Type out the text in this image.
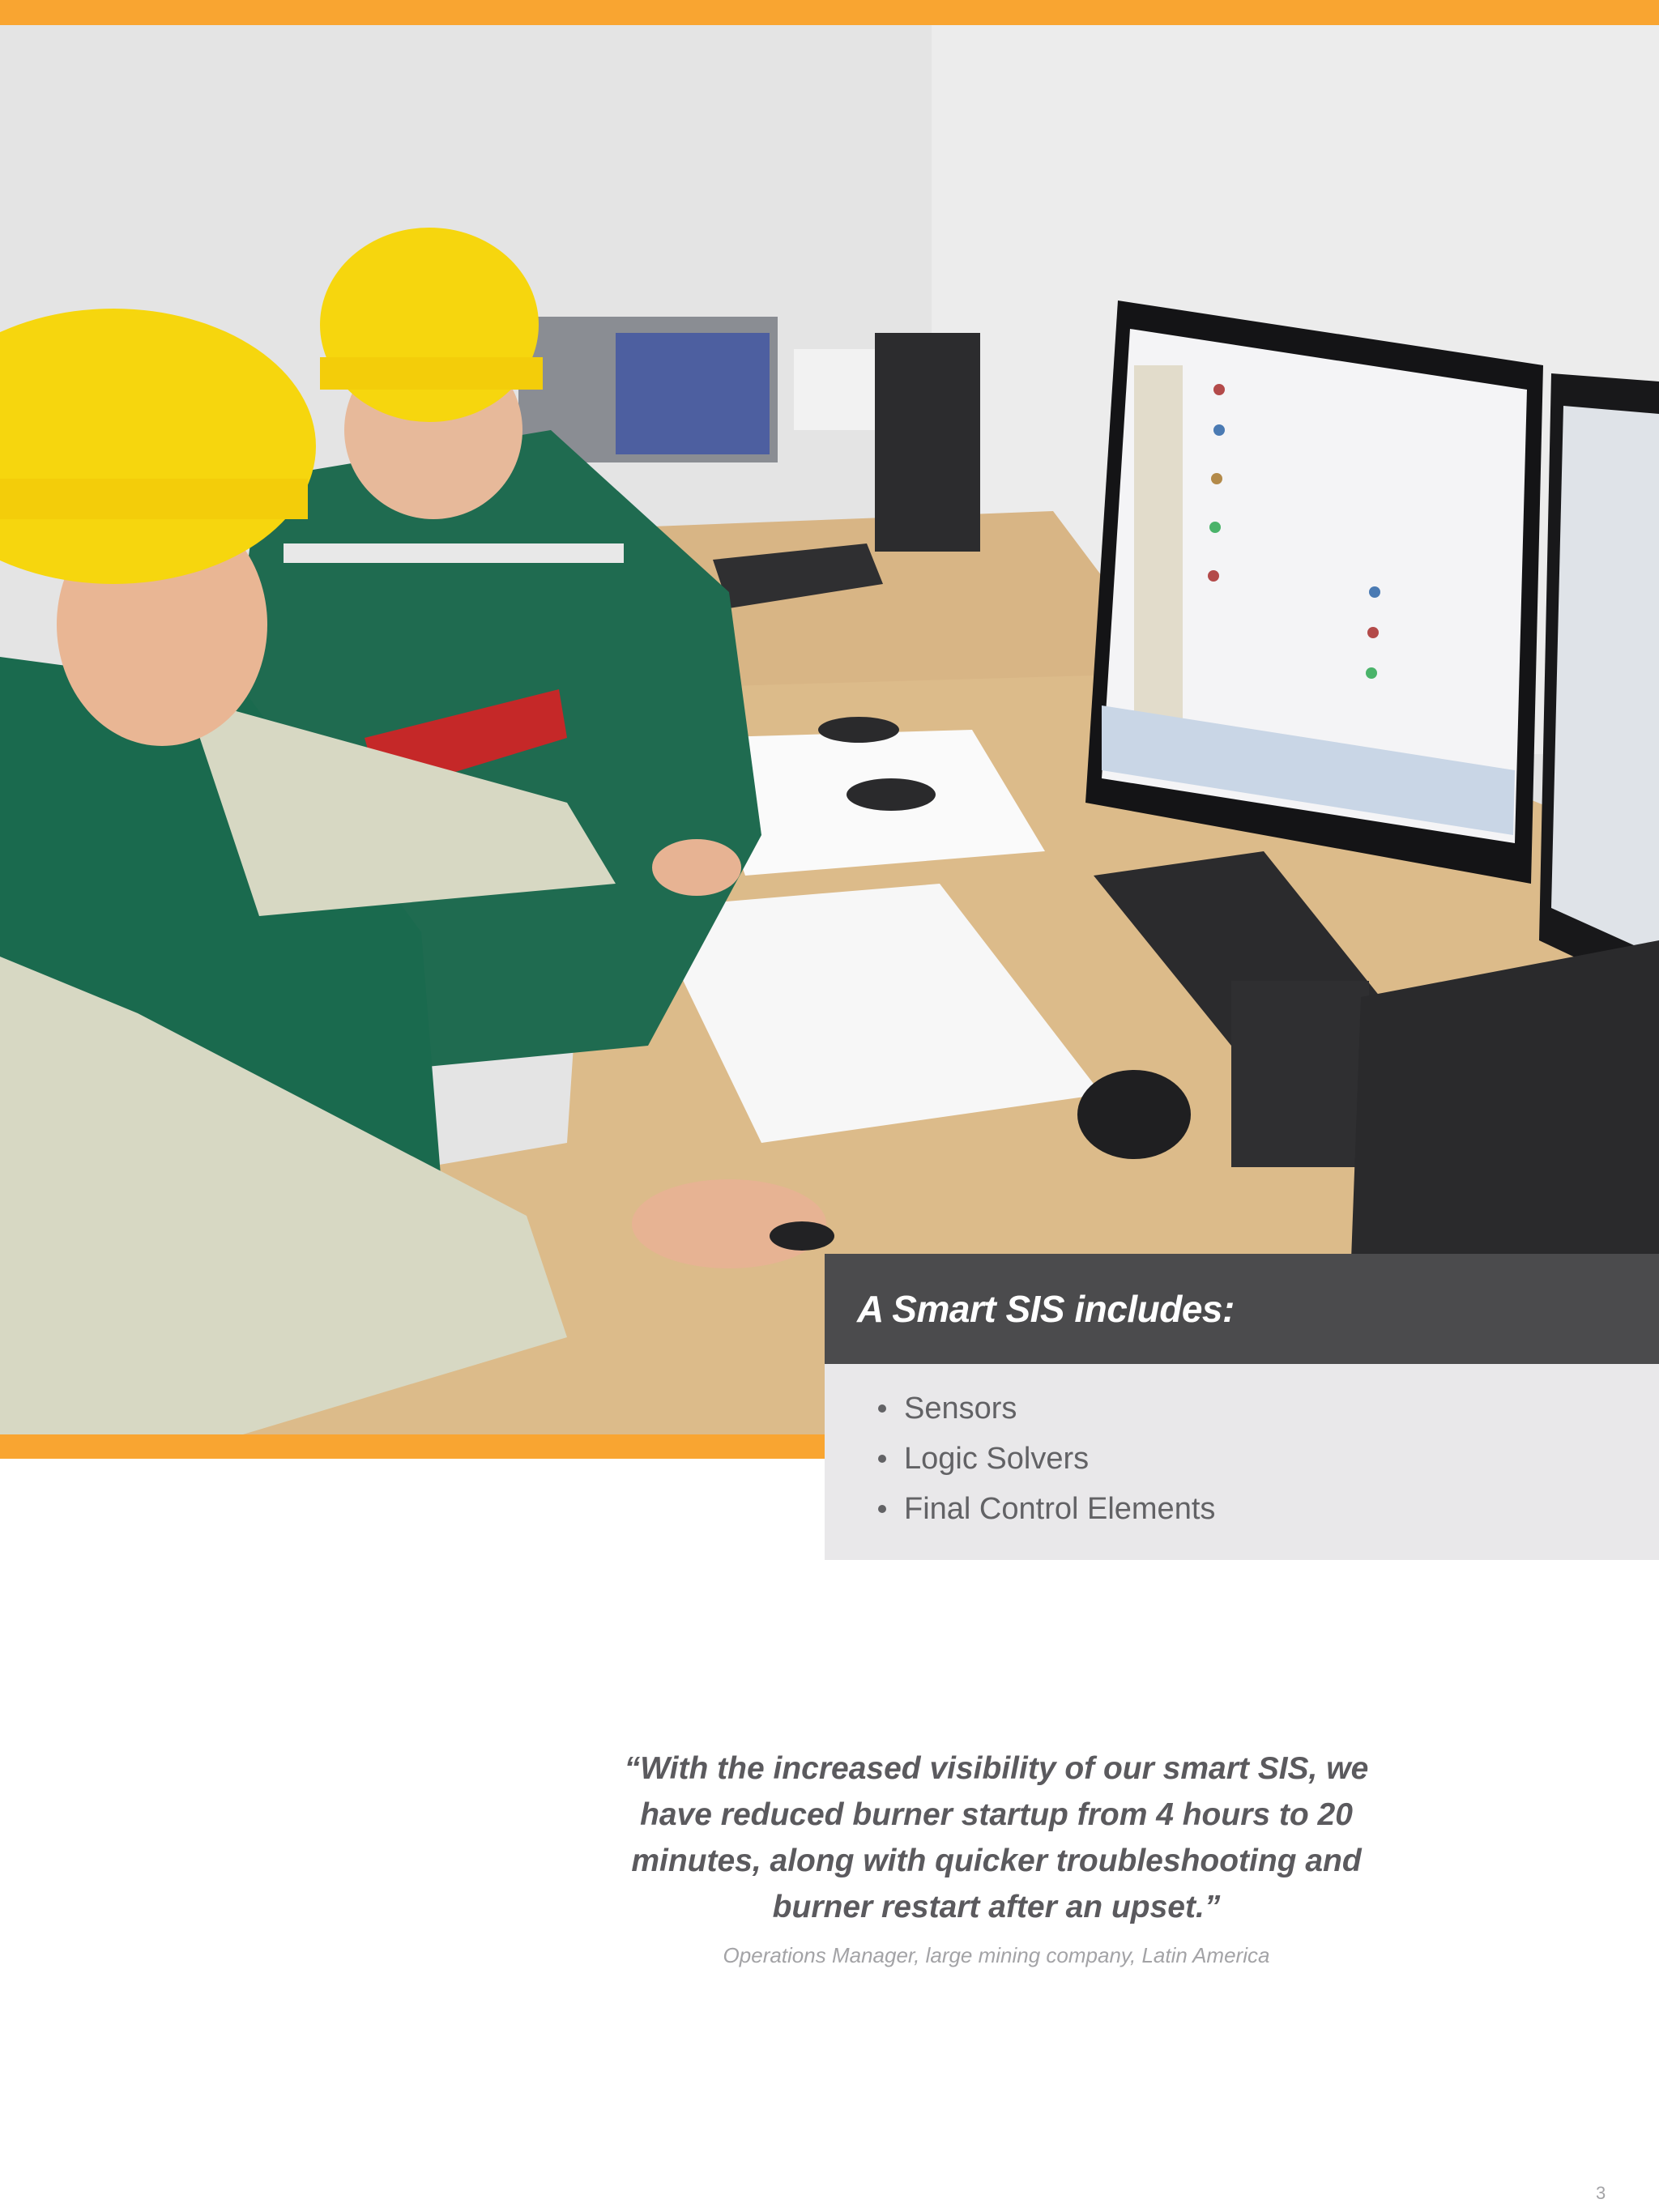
A Smart SIS includes:
Sensors
Logic Solvers
Final Control Elements

“With the increased visibility of our smart SIS, we have reduced burner startup from 4 hours to 20 minutes, along with quicker troubleshooting and burner restart after an upset.”

Operations Manager, large mining company, Latin America
3
